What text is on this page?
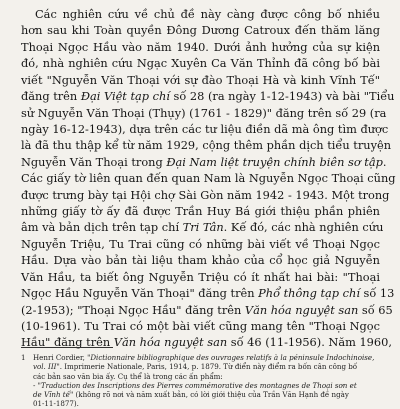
Các nghiên cứu về chủ đề này càng được công bố nhiều
hơn sau khi Toàn quyền Đông Dương Catroux đến thăm lăng
Thoại Ngọc Hầu vào năm 1940. Dưới ảnh hưởng của sự kiện
đó, nhà nghiên cứu Ngạc Xuyên Ca Văn Thỉnh đã công bố bài
viết "Nguyễn Văn Thoại với sự đào Thoại Hà và kinh Vĩnh Tế"
đăng trên Đại Việt tạp chí số 28 (ra ngày 1-12-1943) và bài "Tiểu
sử Nguyễn Văn Thoại (Thụy) (1761 - 1829)" đăng trên số 29 (ra
ngày 16-12-1943), dựa trên các tư liệu điền dã mà ông tìm được
là đã thu thập kể từ năm 1929, cộng thêm phần dịch tiểu truyện
Nguyễn Văn Thoại trong Đại Nam liệt truyện chính biên sơ tập.
Các giấy tờ liên quan đến quan Nam là Nguyễn Ngọc Thoại cũng
được trưng bày tại Hội chợ Sài Gòn năm 1942 - 1943. Một trong
những giấy tờ ấy đã được Trần Huy Bá giới thiệu phần phiên
âm và bản dịch trên tạp chí Tri Tân. Kế đó, các nhà nghiên cứu
Nguyễn Triệu, Tu Trai cũng có những bài viết về Thoại Ngọc
Hầu. Dựa vào bản tài liệu tham khảo của cổ học giả Nguyễn
Văn Hầu, ta biết ông Nguyễn Triệu có ít nhất hai bài: "Thoại
Ngọc Hầu Nguyễn Văn Thoại" đăng trên Phổ thông tạp chí số 13
(2-1953); "Thoại Ngọc Hầu" đăng trên Văn hóa nguyệt san số 65
(10-1961). Tu Trai có một bài viết cũng mang tên "Thoại Ngọc
Hầu" đăng trên Văn hóa nguyệt san số 46 (11-1956). Năm 1960,
1 Henri Cordier, "Dictionnaire bibliographique des ouvrages relatifs à la péninsule Indochinoise,
vol. III". Imprimerie Nationale, Paris, 1914, p. 1879. Từ điển này điểm ra bốn cân công bố
các bản sao văn bia ấy. Cụ thể là trong các ấn phẩm:
- "Traduction des Inscriptions des Pierres commémorative des montagnes de Thoại sơn et
de Vĩnh tế" (không rõ nơi và năm xuất bản, có lời giới thiệu của Trần Văn Hạnh đề ngày
01-11-1877).
